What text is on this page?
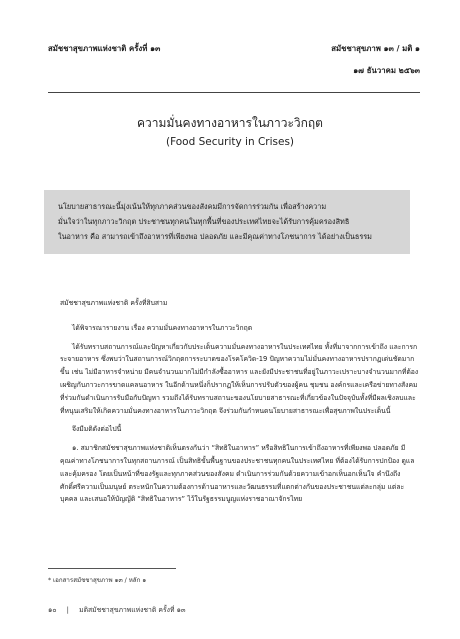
สมัชชาสุขภาพแห่งชาติ ครั้งที่ ๑๓	สมัชชาสุขภาพ ๑๓ / มติ ๑
๑๗ ธันวาคม ๒๕๖๓
ความมั่นคงทางอาหารในภาวะวิกฤต
(Food Security in Crises)

นโยบายสาธารณะนี้มุ่งเน้นให้ทุกภาคส่วนของสังคมมีการจัดการร่วมกัน เพื่อสร้างความ

มั่นใจว่าในทุกภาวะวิกฤต ประชาชนทุกคนในทุกพื้นที่ของประเทศไทยจะได้รับการคุ้มครองสิทธิ

ในอาหาร คือ สามารถเข้าถึงอาหารที่เพียงพอ ปลอดภัย และมีคุณค่าทางโภชนาการ ได้อย่างเป็นธรรม

สมัชชาสุขภาพแห่งชาติ ครั้งที่สิบสาม

ได้พิจารณารายงาน เรื่อง ความมั่นคงทางอาหารในภาวะวิกฤต

ได้รับทราบสถานการณ์และปัญหาเกี่ยวกับประเด็นความมั่นคงทางอาหารในประเทศไทย ทั้งที่มาจากการเข้าถึง และการกระจายอาหาร ซึ่งพบว่าในสถานการณ์วิกฤตการระบาดของโรคโควิด-19 ปัญหาความไม่มั่นคงทางอาหารปรากฏเด่นชัดมากขึ้น เช่น ไม่มีอาหารจำหน่าย มีคนจำนวนมากไม่มีกำลังซื้ออาหาร และยังมีประชาชนที่อยู่ในภาวะเปราะบางจำนวนมากที่ต้องเผชิญกับภาวะการขาดแคลนอาหาร ในอีกด้านหนึ่งก็ปรากฏให้เห็นการปรับตัวของผู้คน ชุมชน องค์กรและเครือข่ายทางสังคม ที่ร่วมกันดำเนินการรับมือกับปัญหา รวมถึงได้รับทราบสถานะของนโยบายสาธารณะที่เกี่ยวข้องในปัจจุบันทั้งที่มีผลเชิงลบและที่หนุนเสริมให้เกิดความมั่นคงทางอาหารในภาวะวิกฤต จึงร่วมกันกำหนดนโยบายสาธารณะเพื่อสุขภาพในประเด็นนี้

จึงมีมติดังต่อไปนี้

๑. สมาชิกสมัชชาสุขภาพแห่งชาติเห็นตรงกันว่า “สิทธิในอาหาร” หรือสิทธิในการเข้าถึงอาหารที่เพียงพอ ปลอดภัย มีคุณค่าทางโภชนาการในทุกสถานการณ์ เป็นสิทธิขั้นพื้นฐานของประชาชนทุกคนในประเทศไทย ที่ต้องได้รับการปกป้อง ดูแล และคุ้มครอง โดยเป็นหน้าที่ของรัฐและทุกภาคส่วนของสังคม ดำเนินการร่วมกันด้วยความเข้าอกเห็นอกเห็นใจ คำนึงถึงศักดิ์ศรีความเป็นมนุษย์ ตระหนักในความต้องการด้านอาหารและวัฒนธรรมที่แตกต่างกันของประชาชนแต่ละกลุ่ม แต่ละบุคคล และเสนอให้บัญญัติ “สิทธิในอาหาร” ไว้ในรัฐธรรมนูญแห่งราชอาณาจักรไทย

* เอกสารสมัชชาสุขภาพ ๑๓ / หลัก ๑
๑๐ | มติสมัชชาสุขภาพแห่งชาติ ครั้งที่ ๑๓
